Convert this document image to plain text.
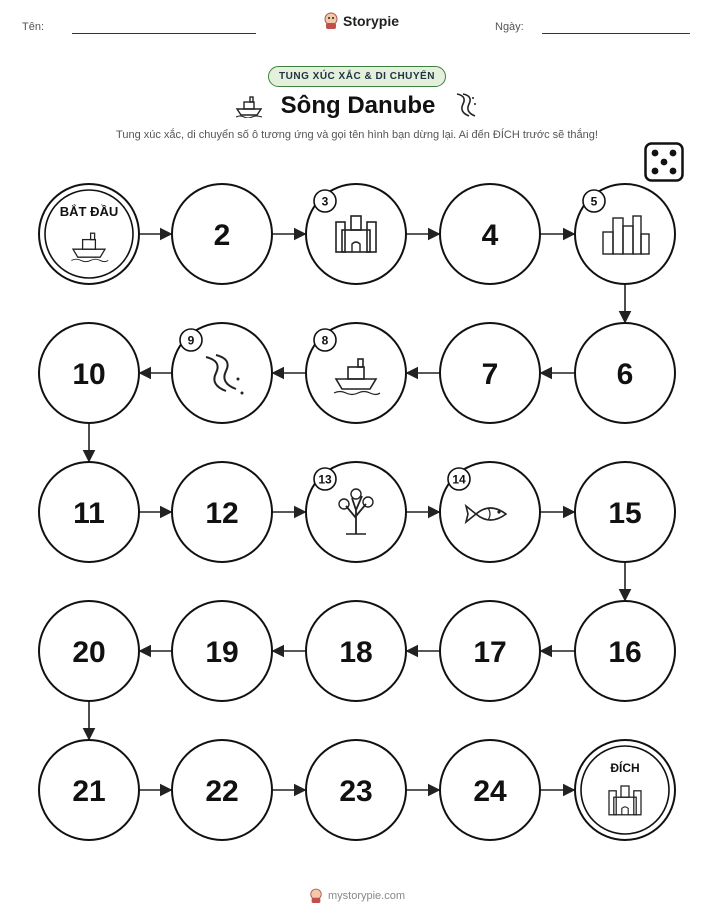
Tên:	Storypie	Ngày:
TUNG XÚC XẮC & DI CHUYỂN
Sông Danube
Tung xúc xắc, di chuyển số ô tương ứng và gọi tên hình bạn dừng lại. Ai đến ĐÍCH trước sẽ thắng!
BẮT ĐẦU
2
3
4
5
6
7
8
9
10
11	12
13	14
15
16
17
18
19
20
21	22	23	24
ĐÍCH
mystorypie.com
